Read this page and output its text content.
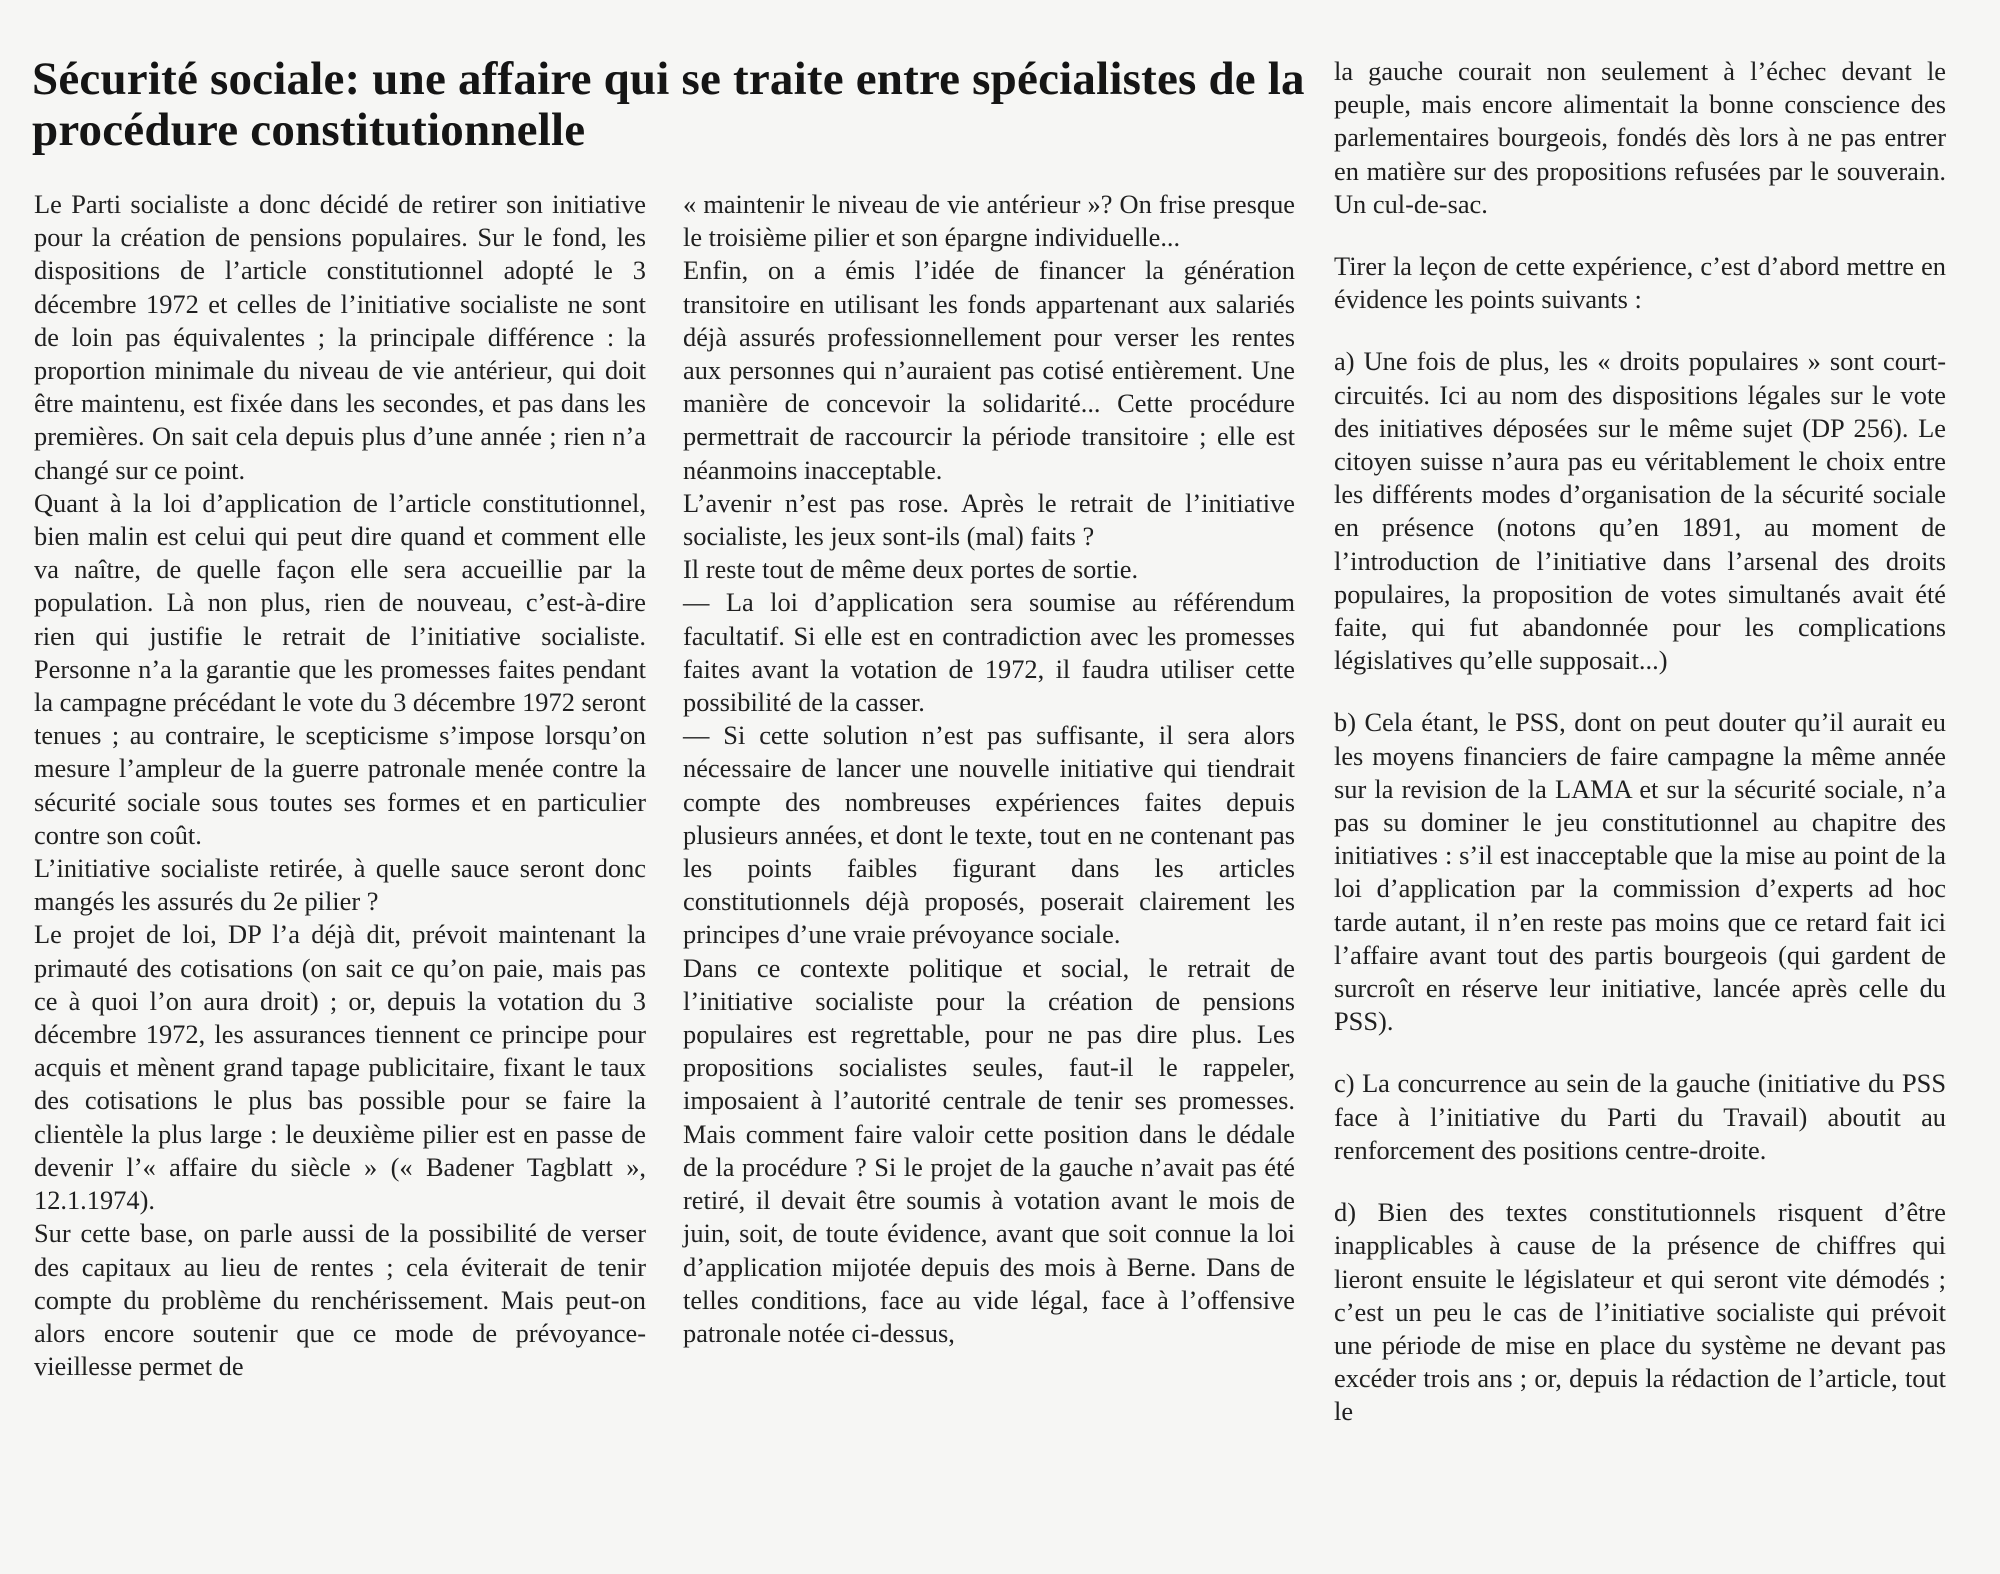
Sécurité sociale: une affaire qui se traite entre spécialistes de la procédure constitutionnelle

Le Parti socialiste a donc décidé de retirer son initiative pour la création de pensions populaires. Sur le fond, les dispositions de l’article constitutionnel adopté le 3 décembre 1972 et celles de l’initiative socialiste ne sont de loin pas équivalentes ; la principale différence : la proportion minimale du niveau de vie antérieur, qui doit être maintenu, est fixée dans les secondes, et pas dans les premières. On sait cela depuis plus d’une année ; rien n’a changé sur ce point.

Quant à la loi d’application de l’article constitutionnel, bien malin est celui qui peut dire quand et comment elle va naître, de quelle façon elle sera accueillie par la population. Là non plus, rien de nouveau, c’est-à-dire rien qui justifie le retrait de l’initiative socialiste. Personne n’a la garantie que les promesses faites pendant la campagne précédant le vote du 3 décembre 1972 seront tenues ; au contraire, le scepticisme s’impose lorsqu’on mesure l’ampleur de la guerre patronale menée contre la sécurité sociale sous toutes ses formes et en particulier contre son coût.

L’initiative socialiste retirée, à quelle sauce seront donc mangés les assurés du 2e pilier ?

Le projet de loi, DP l’a déjà dit, prévoit maintenant la primauté des cotisations (on sait ce qu’on paie, mais pas ce à quoi l’on aura droit) ; or, depuis la votation du 3 décembre 1972, les assurances tiennent ce principe pour acquis et mènent grand tapage publicitaire, fixant le taux des cotisations le plus bas possible pour se faire la clientèle la plus large : le deuxième pilier est en passe de devenir l’« affaire du siècle » (« Badener Tagblatt », 12.1.1974).

Sur cette base, on parle aussi de la possibilité de verser des capitaux au lieu de rentes ; cela éviterait de tenir compte du problème du renchérissement. Mais peut-on alors encore soutenir que ce mode de prévoyance-vieillesse permet de

« maintenir le niveau de vie antérieur »? On frise presque le troisième pilier et son épargne individuelle...

Enfin, on a émis l’idée de financer la génération transitoire en utilisant les fonds appartenant aux salariés déjà assurés professionnellement pour verser les rentes aux personnes qui n’auraient pas cotisé entièrement. Une manière de concevoir la solidarité... Cette procédure permettrait de raccourcir la période transitoire ; elle est néanmoins inacceptable.

L’avenir n’est pas rose. Après le retrait de l’initiative socialiste, les jeux sont-ils (mal) faits ?

Il reste tout de même deux portes de sortie.

— La loi d’application sera soumise au référendum facultatif. Si elle est en contradiction avec les promesses faites avant la votation de 1972, il faudra utiliser cette possibilité de la casser.

— Si cette solution n’est pas suffisante, il sera alors nécessaire de lancer une nouvelle initiative qui tiendrait compte des nombreuses expériences faites depuis plusieurs années, et dont le texte, tout en ne contenant pas les points faibles figurant dans les articles constitutionnels déjà proposés, poserait clairement les principes d’une vraie prévoyance sociale.

Dans ce contexte politique et social, le retrait de l’initiative socialiste pour la création de pensions populaires est regrettable, pour ne pas dire plus. Les propositions socialistes seules, faut-il le rappeler, imposaient à l’autorité centrale de tenir ses promesses. Mais comment faire valoir cette position dans le dédale de la procédure ? Si le projet de la gauche n’avait pas été retiré, il devait être soumis à votation avant le mois de juin, soit, de toute évidence, avant que soit connue la loi d’application mijotée depuis des mois à Berne. Dans de telles conditions, face au vide légal, face à l’offensive patronale notée ci-dessus,

la gauche courait non seulement à l’échec devant le peuple, mais encore alimentait la bonne conscience des parlementaires bourgeois, fondés dès lors à ne pas entrer en matière sur des propositions refusées par le souverain. Un cul-de-sac.

Tirer la leçon de cette expérience, c’est d’abord mettre en évidence les points suivants :

a) Une fois de plus, les « droits populaires » sont court-circuités. Ici au nom des dispositions légales sur le vote des initiatives déposées sur le même sujet (DP 256). Le citoyen suisse n’aura pas eu véritablement le choix entre les différents modes d’organisation de la sécurité sociale en présence (notons qu’en 1891, au moment de l’introduction de l’initiative dans l’arsenal des droits populaires, la proposition de votes simultanés avait été faite, qui fut abandonnée pour les complications législatives qu’elle supposait...)

b) Cela étant, le PSS, dont on peut douter qu’il aurait eu les moyens financiers de faire campagne la même année sur la revision de la LAMA et sur la sécurité sociale, n’a pas su dominer le jeu constitutionnel au chapitre des initiatives : s’il est inacceptable que la mise au point de la loi d’application par la commission d’experts ad hoc tarde autant, il n’en reste pas moins que ce retard fait ici l’affaire avant tout des partis bourgeois (qui gardent de surcroît en réserve leur initiative, lancée après celle du PSS).

c) La concurrence au sein de la gauche (initiative du PSS face à l’initiative du Parti du Travail) aboutit au renforcement des positions centre-droite.

d) Bien des textes constitutionnels risquent d’être inapplicables à cause de la présence de chiffres qui lieront ensuite le législateur et qui seront vite démodés ; c’est un peu le cas de l’initiative socialiste qui prévoit une période de mise en place du système ne devant pas excéder trois ans ; or, depuis la rédaction de l’article, tout le
